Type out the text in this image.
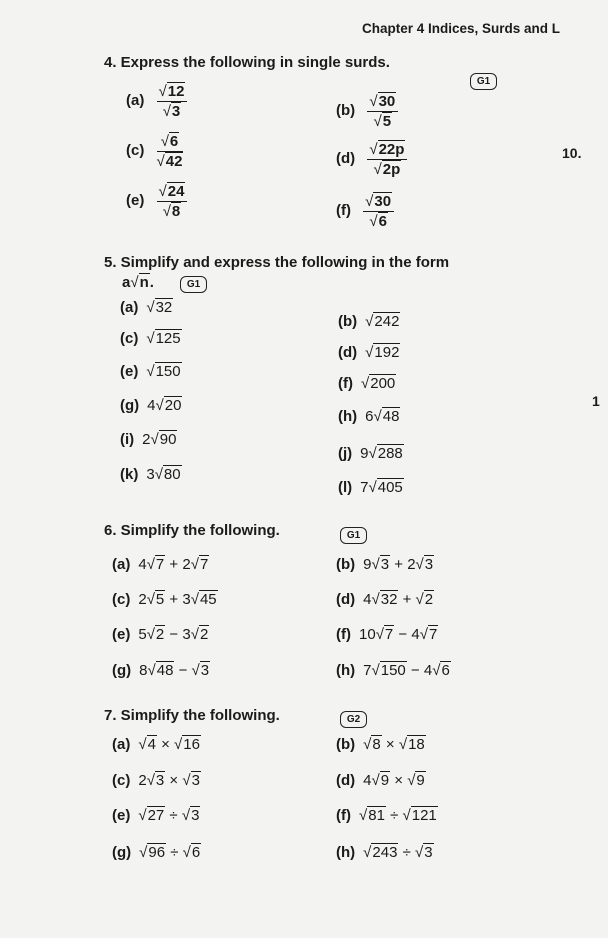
Chapter 4 Indices, Surds and L
10.
1
4. Express the following in single surds.
G1
$(a) \frac{√12}{√3}$	$(b) \frac{√30}{√5}$
$(c) \frac{√6}{√42}$	$(d) \frac{√22p}{√2p}$
$(e) \frac{√24}{√8}$	$(f) \frac{√30}{√6}$
5. Simplify and express the following in the form
a√n.	G1
(a) √32
(b) √242
(c) √125
(d) √192
(e) √150
(f) √200
(g) 4√20
(h) 6√48
(i) 2√90
(j) 9√288
(k) 3√80
(l) 7√405
6. Simplify the following.	G1
(a) 4√7 + 2√7	(b) 9√3 + 2√3
(c) 2√5 + 3√45	(d) 4√32 + √2
(e) 5√2 − 3√2	(f) 10√7 − 4√7
(g) 8√48 − √3	(h) 7√150 − 4√6
7. Simplify the following.	G2
(a) √4 × √16	(b) √8 × √18
(c) 2√3 × √3	(d) 4√9 × √9
(e) √27 ÷ √3	(f) √81 ÷ √121
(g) √96 ÷ √6	(h) √243 ÷ √3
